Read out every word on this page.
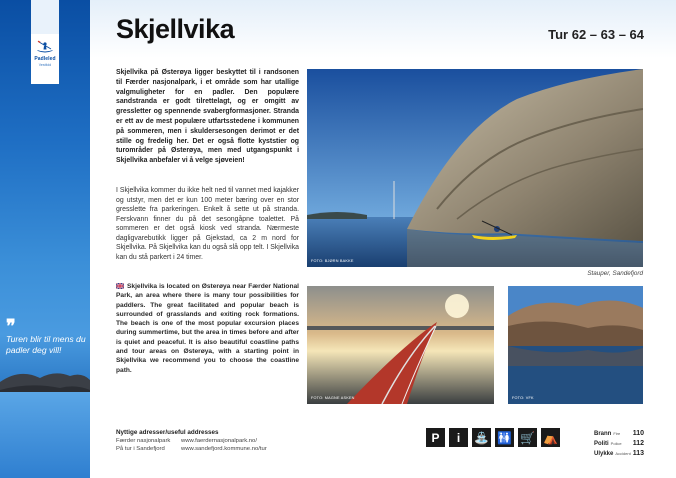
Padleled
Vestfold
❞
Turen blir til mens du padler deg vill!
Skjellvika	Tur 62 – 63 – 64
Skjellvika på Østerøya ligger beskyttet til i randsonen til Færder nasjonalpark, i et område som har utallige valgmuligheter for en padler. Den populære sandstranda er godt tilrettelagt, og er omgitt av gressletter og spennende svabergformasjoner. Stranda er ett av de mest populære utfartsstedene i kommunen på sommeren, men i skuldersesongen derimot er det stille og fredelig her. Det er også flotte kyststier og turområder på Østerøya, men med utgangspunkt i Skjellvika anbefaler vi å velge sjøveien!
I Skjellvika kommer du ikke helt ned til vannet med kajakker og utstyr, men det er kun 100 meter bæring over en stor gresslette fra parkeringen. Enkelt å sette ut på stranda. Ferskvann finner du på det sesongåpne toalettet. På sommeren er det også kiosk ved stranda. Nærmeste dagligvarebutikk ligger på Gjekstad, ca 2 m nord for Skjellvika. På Skjellvika kan du også slå opp telt. I Skjellvika kan du stå parkert i 24 timer.
Skjellvika is located on Østerøya near Færder National Park, an area where there is many tour possibilities for paddlers. The great facilitated and popular beach is surrounded of grasslands and exiting rock formations. The beach is one of the most popular excursion places during summertime, but the area in times before and after is quiet and peaceful. It is also beautiful coastline paths and tour areas on Østerøya, with a starting point in Skjellvika we recommend you to choose the coastline path.
FOTO: BJØRN BAKKE
Stauper, Sandefjord
FOTO: MAGNE ASKEN	FOTO: VFK
Nyttige adresser/useful addresses
Færder nasjonalpark	www.faerdernasjonalpark.no/
På tur i Sandefjord	www.sandefjord.kommune.no/tur
P	i	⛲ 🚻 🛒 ⛺	Brann Fire 110
Politi Police 112
Ulykke Accident 113
